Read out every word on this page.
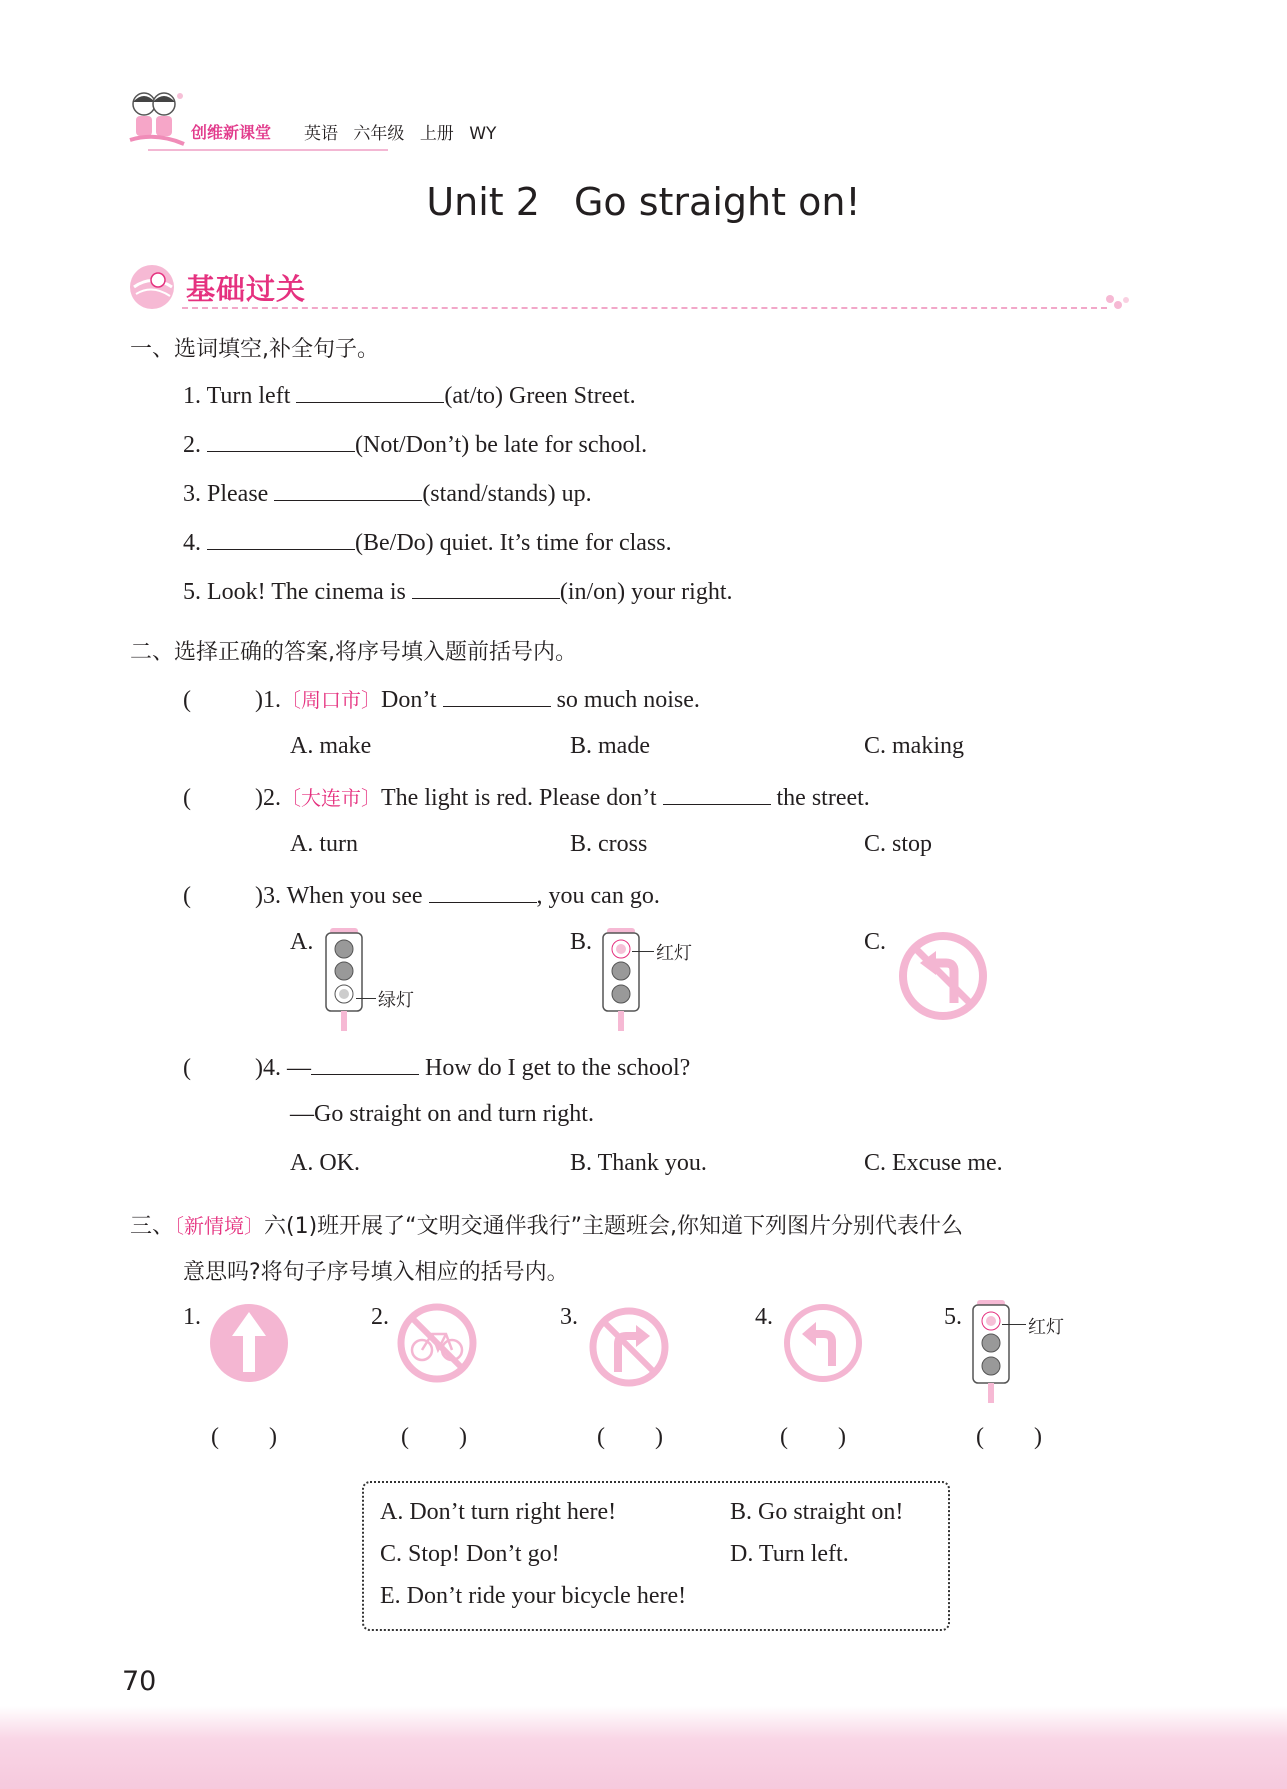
创维新课堂 英语 六年级 上册 WY
Unit 2 Go straight on!
基础过关
一、选词填空,补全句子。
1. Turn left	(at/to) Green Street.
2.	(Not/Don’t) be late for school.
3. Please	(stand/stands) up.
4.	(Be/Do) quiet. It’s time for class.
5. Look! The cinema is	(in/on) your right.
二、选择正确的答案,将序号填入题前括号内。
(	)1.〔周口市〕Don’t	so much noise.
A. make	B. made	C. making
(	)2.〔大连市〕The light is red. Please don’t	the street.
A. turn	B. cross	C. stop
(	)3. When you see	, you can go.
A.	B.	C.
绿灯
红灯
(	)4. —	How do I get to the school?
—Go straight on and turn right.
A. OK.	B. Thank you.	C. Excuse me.
三、〔新情境〕六(1)班开展了“文明交通伴我行”主题班会,你知道下列图片分别代表什么
意思吗?将句子序号填入相应的括号内。
1.	2.	3.	4.	5.	红灯
( )	( )	( )	( )	( )
A. Don’t turn right here!	B. Go straight on!
C. Stop! Don’t go!	D. Turn left.
E. Don’t ride your bicycle here!
70
